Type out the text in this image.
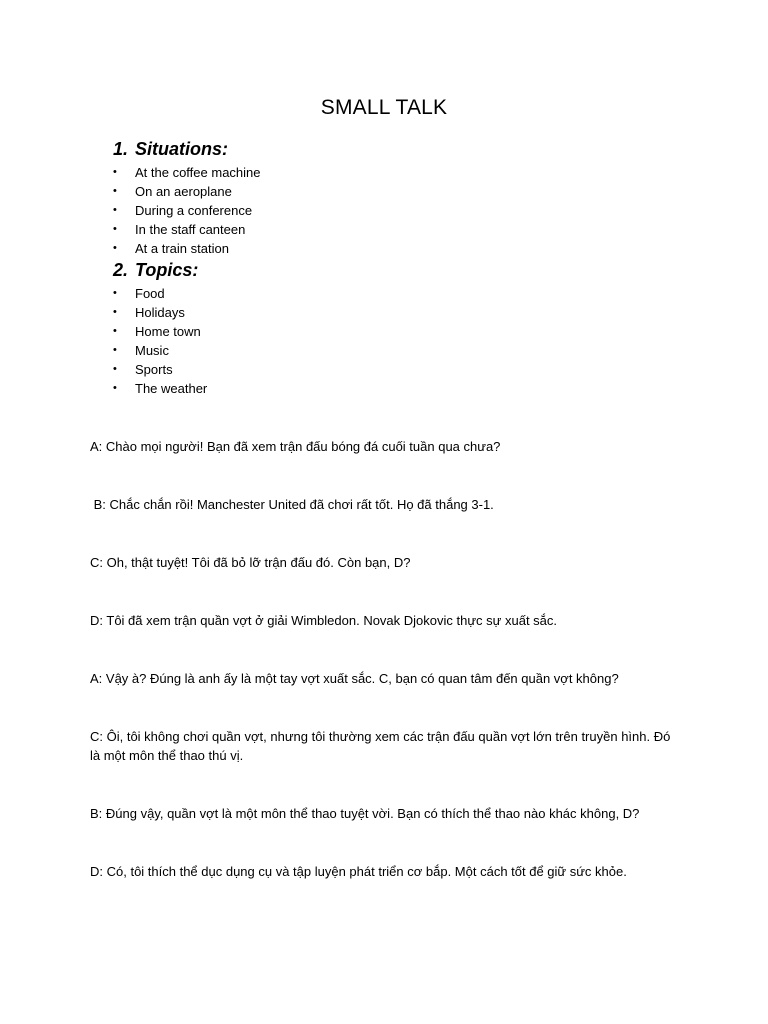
SMALL TALK
1. Situations:
•	At the coffee machine
•	On an aeroplane
•	During a conference
•	In the staff canteen
•	At a train station
2. Topics:
•	Food
•	Holidays
•	Home town
•	Music
•	Sports
•	The weather

A: Chào mọi người! Bạn đã xem trận đấu bóng đá cuối tuần qua chưa?

B: Chắc chắn rồi! Manchester United đã chơi rất tốt. Họ đã thắng 3-1.

C: Oh, thật tuyệt! Tôi đã bỏ lỡ trận đấu đó. Còn bạn, D?

D: Tôi đã xem trận quần vợt ở giải Wimbledon. Novak Djokovic thực sự xuất sắc.

A: Vậy à? Đúng là anh ấy là một tay vợt xuất sắc. C, bạn có quan tâm đến quần vợt không?

C: Ôi, tôi không chơi quần vợt, nhưng tôi thường xem các trận đấu quần vợt lớn trên truyền hình. Đó là một môn thể thao thú vị.

B: Đúng vậy, quần vợt là một môn thể thao tuyệt vời. Bạn có thích thể thao nào khác không, D?

D: Có, tôi thích thể dục dụng cụ và tập luyện phát triển cơ bắp. Một cách tốt để giữ sức khỏe.
